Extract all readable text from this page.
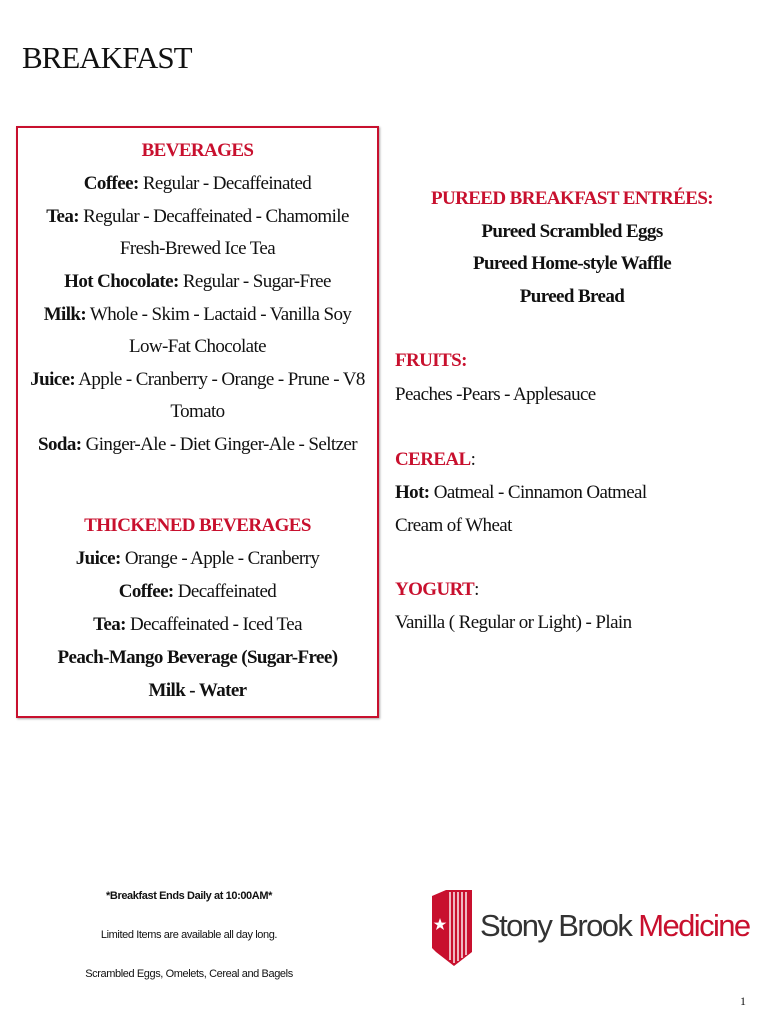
BREAKFAST
BEVERAGES
Coffee: Regular - Decaffeinated
Tea: Regular - Decaffeinated - Chamomile
Fresh-Brewed Ice Tea
Hot Chocolate: Regular - Sugar-Free
Milk: Whole - Skim - Lactaid - Vanilla Soy
Low-Fat Chocolate
Juice: Apple - Cranberry - Orange - Prune - V8
Tomato
Soda: Ginger-Ale - Diet Ginger-Ale - Seltzer
THICKENED BEVERAGES
Juice: Orange - Apple - Cranberry
Coffee: Decaffeinated
Tea: Decaffeinated - Iced Tea
Peach-Mango Beverage (Sugar-Free)
Milk - Water
PUREED BREAKFAST ENTRÉES:
Pureed Scrambled Eggs
Pureed Home-style Waffle
Pureed Bread
FRUITS:
Peaches -Pears - Applesauce
CEREAL:
Hot: Oatmeal - Cinnamon Oatmeal
Cream of Wheat
YOGURT:
Vanilla ( Regular or Light) - Plain
*Breakfast Ends Daily at 10:00AM*
Limited Items are available all day long.
Scrambled Eggs, Omelets, Cereal and Bagels
Stony Brook Medicine
1
